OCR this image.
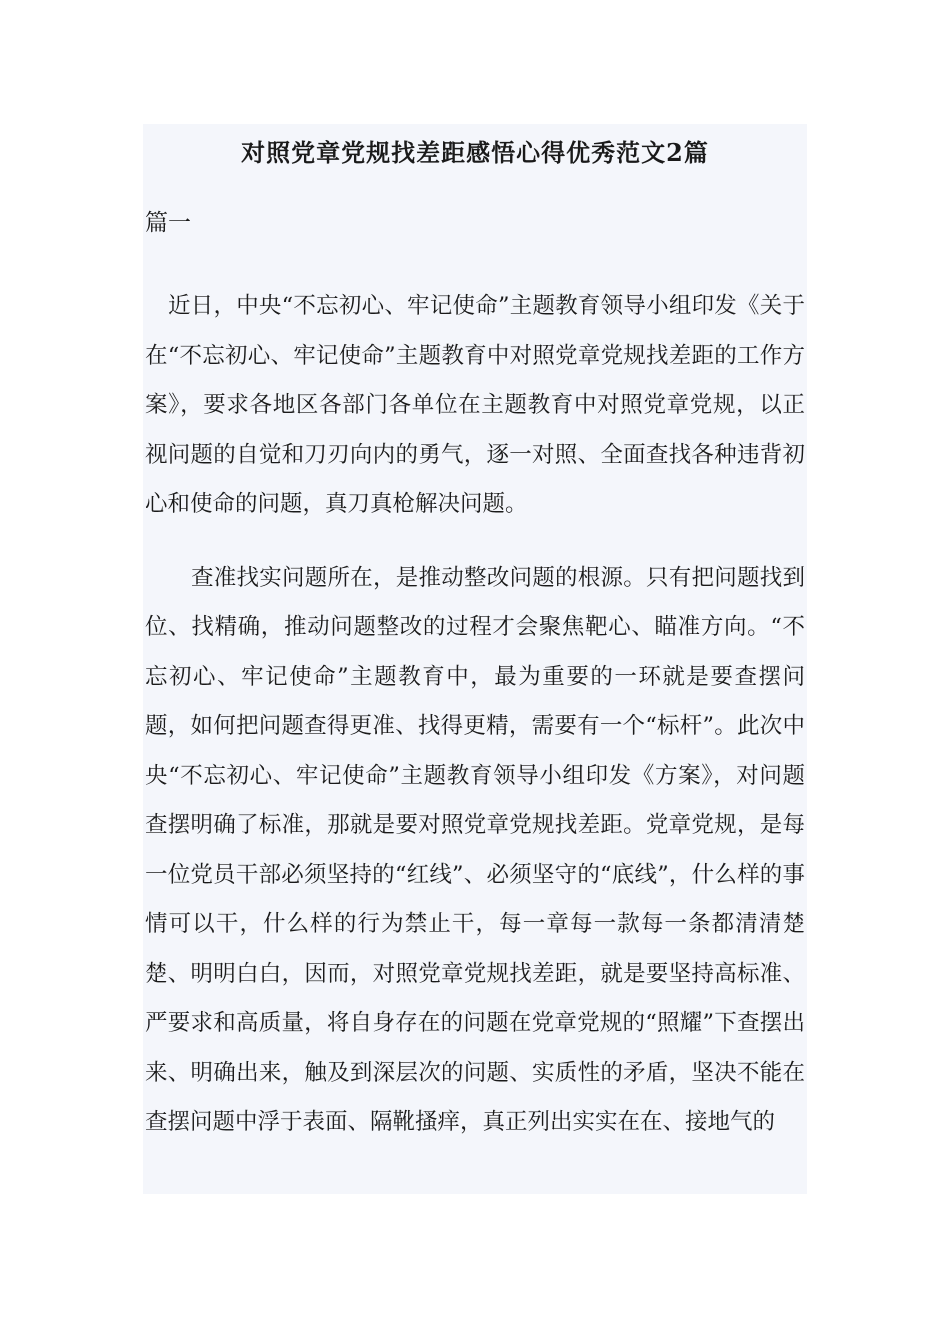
对照党章党规找差距感悟心得优秀范文2篇
篇一

近日，中央“不忘初心、牢记使命”主题教育领导小组印发《关于在“不忘初心、牢记使命”主题教育中对照党章党规找差距的工作方案》，要求各地区各部门各单位在主题教育中对照党章党规，以正视问题的自觉和刀刃向内的勇气，逐一对照、全面查找各种违背初心和使命的问题，真刀真枪解决问题。

查准找实问题所在，是推动整改问题的根源。只有把问题找到位、找精确，推动问题整改的过程才会聚焦靶心、瞄准方向。“不忘初心、牢记使命”主题教育中，最为重要的一环就是要查摆问题，如何把问题查得更准、找得更精，需要有一个“标杆”。此次中央“不忘初心、牢记使命”主题教育领导小组印发《方案》，对问题查摆明确了标准，那就是要对照党章党规找差距。党章党规，是每一位党员干部必须坚持的“红线”、必须坚守的“底线”，什么样的事情可以干，什么样的行为禁止干，每一章每一款每一条都清清楚楚、明明白白，因而，对照党章党规找差距，就是要坚持高标准、严要求和高质量，将自身存在的问题在党章党规的“照耀”下查摆出来、明确出来，触及到深层次的问题、实质性的矛盾，坚决不能在查摆问题中浮于表面、隔靴搔痒，真正列出实实在在、接地气的
